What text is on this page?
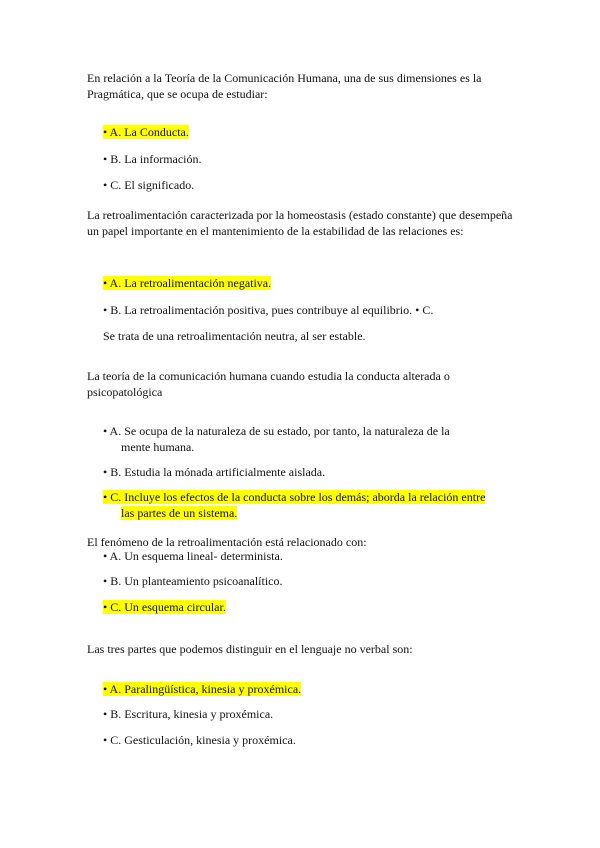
En relación a la Teoría de la Comunicación Humana, una de sus dimensiones es la Pragmática, que se ocupa de estudiar:

• A. La Conducta.

• B. La información.

• C. El significado.

La retroalimentación caracterizada por la homeostasis (estado constante) que desempeña un papel importante en el mantenimiento de la estabilidad de las relaciones es:

• A. La retroalimentación negativa.

• B. La retroalimentación positiva, pues contribuye al equilibrio. • C.

Se trata de una retroalimentación neutra, al ser estable.

La teoría de la comunicación humana cuando estudia la conducta alterada o psicopatológica

• A. Se ocupa de la naturaleza de su estado, por tanto, la naturaleza de la
mente humana.

• B. Estudia la mónada artificialmente aislada.

• C. Incluye los efectos de la conducta sobre los demás; aborda la relación entre
las partes de un sistema.

El fenómeno de la retroalimentación está relacionado con:

• A. Un esquema lineal- determinista.

• B. Un planteamiento psicoanalítico.

• C. Un esquema circular.

Las tres partes que podemos distinguir en el lenguaje no verbal son:

• A. Paralingüística, kinesia y proxémica.

• B. Escritura, kinesia y proxémica.

• C. Gesticulación, kinesia y proxémica.
